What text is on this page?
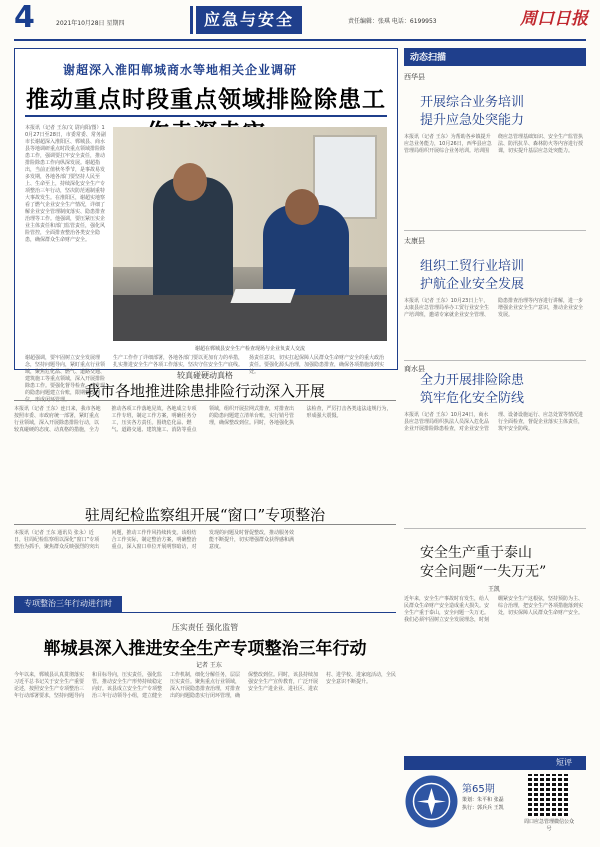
4	2021年10月28日 星期四	应急与安全	责任编辑：张琪 电话：6199953	周口日报
谢超深入淮阳郸城商水等地相关企业调研
推动重点时段重点领域排险除患工
本报讯（记者 王东/文 尉向阳/图）10月27日至28日，市委常委、常务副市长谢超深入淮阳区、郸城县、商水县等地调研重点时段重点领域排险除患工作，强调要扛牢安全责任，推动排险除患工作向纵深发展。谢超指出，当前正值秋冬季节，是事故易发多发期，各地各部门要坚持人民至上、生命至上，持续深化安全生产专项整治三年行动，坚决防范遏制重特大事故发生。在淮阳区，谢超实地察看了燃气企业安全生产情况，详细了解企业安全管理制度落实、隐患排查治理等工作。他强调，要压紧压实企业主体责任和部门监管责任，强化风险管控，全面排查整治各类安全隐患，确保群众生命财产安全。
谢超在郸城县安全生产检查现场与企业负责人交流
谢超强调，要牢固树立安全发展理念，坚持问题导向，紧盯重点行业领域，聚焦危化品、燃气、道路交通、建筑施工等重点领域，深入开展排险除患工作。要强化督导检查，对发现的隐患问题建立台账，限期整改到
生产工作作了详细部署，各地各部门要以更加有力的举措，扎实推进安全生产各项工作落实，坚决守住安全生产底线。
扬责任意识，切实扛起保障人民群众生命财产安全的重大政治责任。要强化源头治理，加强隐患排查，确保各项措施落到实处。
较真碰硬动真格
我市各地推进除患排险行动深入开展
本报讯（记者 王东）连日来，我市各地按照市委、市政府统一部署，紧盯重点行业领域，深入开展除患排险行动，以较真碰硬的态度、动真格的措施，全力推动各项工作落地见效。各地成立专项工作专班，制定工作方案，明确任务分工，压实各方责任。围绕危化品、燃气、道路交通、建筑施工、消防等重点领域，组织开展拉网式排查，对排查出的隐患问题建立清单台账，实行销号管理，确保整改到位。同时，各地强化执法检查，严厉打击各类违法违规行为，形成强大震慑。
驻周纪检监察组开展“窗口”专项整治
本报讯（记者 王东 通讯员 张永）近日，驻周纪检监察组以深化“窗口”专项整治为抓手，聚焦群众反映强烈的突出问题，推动工作作风持续转变。该组结合工作实际，制定整治方案，明确整治重点，深入窗口单位开展明察暗访，对发现的问题及时督促整改，推动服务效能不断提升，切实增强群众获得感和满意度。
专项整治三年行动进行时
压实责任 强化监管
郸城县深入推进安全生产专项整治三年行动
记者 王东
今年以来，郸城县认真贯彻落实习近平总书记关于安全生产重要论述，按照安全生产专项整治三年行动部署要求，坚持问题导向和目标导向，压实责任，强化监管，推动安全生产形势持续稳定向好。该县成立安全生产专项整治三年行动领导小组，建立健全工作机制，细化分解任务，层层压实责任。聚焦重点行业领域，深入开展隐患排查治理，对排查出的问题隐患实行闭环管理，确保整改到位。同时，该县持续加强安全生产宣传教育，广泛开展安全生产进企业、进社区、进农村、进学校、进家庭活动，全民安全意识不断提升。
动态扫描
西华县
开展综合业务培训
提升应急处突能力
本报讯（记者 王东）为帮助各乡镇提升应急业务能力，10月26日，西华县应急管理局组织开展综合业务培训。培训围绕应急管理基础知识、安全生产监管执法、防汛抗旱、森林防火等内容进行授课，切实提升基层应急处突能力。
太康县
组织工贸行业培训
护航企业安全发展
本报讯（记者 王东）10月23日上午，太康县应急管理局举办工贸行业安全生产培训班，邀请专家就企业安全管理、隐患排查治理等内容进行讲解，进一步增强企业安全生产意识，推动企业安全发展。
商水县
全力开展排险除患
筑牢危化安全防线
本报讯（记者 王东）10月24日，商水县应急管理局组织执法人员深入危化品企业开展排险除患检查，对企业安全管理、设备设施运行、应急处置等情况进行全面检查，督促企业落实主体责任，筑牢安全防线。
安全生产重于泰山
安全问题“一失万无”
王凯
近年来，安全生产事故时有发生，给人民群众生命财产安全造成重大损失。安全生产重于泰山，安全问题一失万无。我们必须牢固树立安全发展理念，时刻绷紧安全生产这根弦，坚持预防为主、综合治理，把安全生产各项措施落到实处，切实保障人民群众生命财产安全。
短评
第65期
策划：朱平和 张磊
执行：郭兵兵 王凯
周口应急管理微信公众号
